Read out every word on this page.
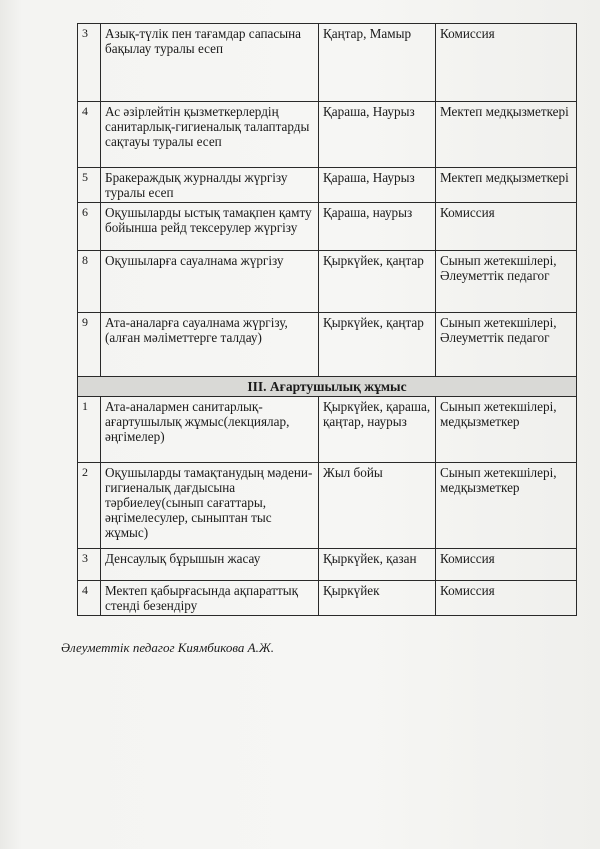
3	Азық-түлік пен тағамдар сапасына бақылау туралы есеп	Қаңтар, Мамыр	Комиссия
4	Ас әзірлейтін қызметкерлердің санитарлық-гигиеналық талаптарды сақтауы туралы есеп	Қараша, Наурыз	Мектеп медқызметкері
5	Бракераждық журналды жүргізу туралы есеп	Қараша, Наурыз	Мектеп медқызметкері
6	Оқушыларды ыстық тамақпен қамту бойынша рейд тексерулер жүргізу	Қараша, наурыз	Комиссия
8	Оқушыларға сауалнама жүргізу	Қыркүйек, қаңтар	Сынып жетекшілері, Әлеуметтік педагог
9	Ата-аналарға сауалнама жүргізу, (алған мәліметтерге талдау)	Қыркүйек, қаңтар	Сынып жетекшілері, Әлеуметтік педагог
ІІІ. Ағартушылық жұмыс			
1	Ата-аналармен санитарлық-ағартушылық жұмыс(лекциялар, әңгімелер)	Қыркүйек, қараша, қаңтар, наурыз	Сынып жетекшілері, медқызметкер
2	Оқушыларды тамақтанудың мәдени-гигиеналық дағдысына тәрбиелеу(сынып сағаттары, әңгімелесулер, сыныптан тыс жұмыс)	Жыл бойы	Сынып жетекшілері, медқызметкер
3	Денсаулық бұрышын жасау	Қыркүйек, қазан	Комиссия
4	Мектеп қабырғасында ақпараттық стенді безендіру	Қыркүйек	Комиссия
Әлеуметтік педагог Киямбикова А.Ж.
